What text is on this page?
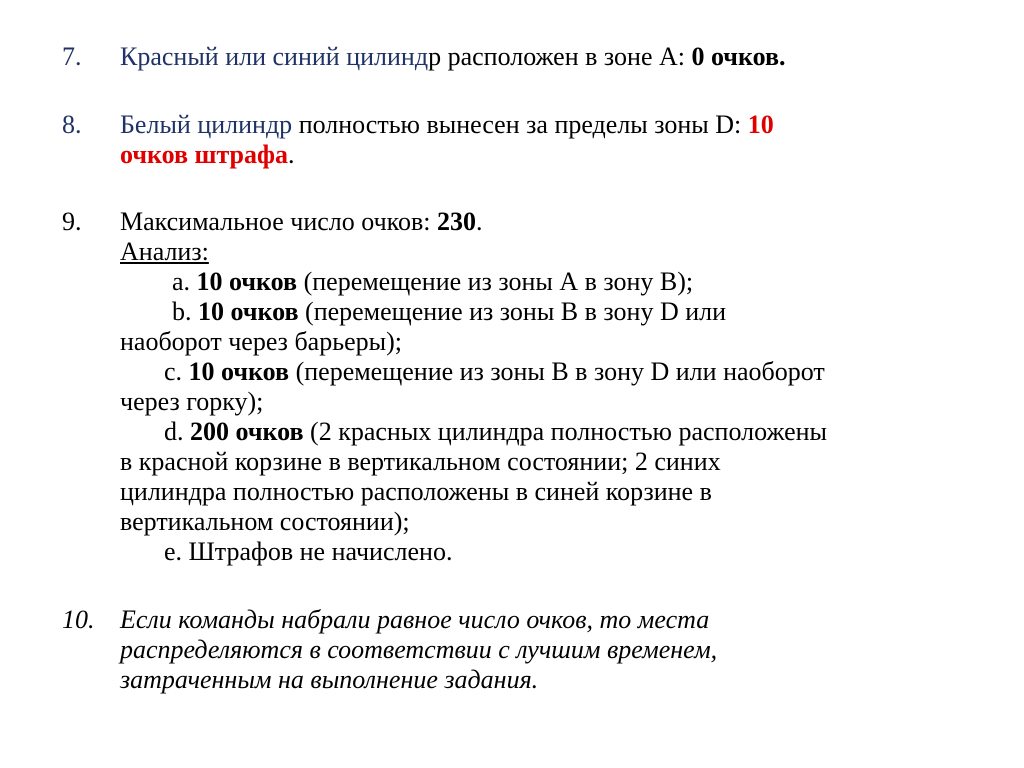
7. Красный или синий цилиндр расположен в зоне А: 0 очков.
8. Белый цилиндр полностью вынесен за пределы зоны D: 10
очков штрафа.
9. Максимальное число очков: 230.
Анализ:
a. 10 очков (перемещение из зоны А в зону В);
b. 10 очков (перемещение из зоны В в зону D или
наоборот через барьеры);
c. 10 очков (перемещение из зоны В в зону D или наоборот
через горку);
d. 200 очков (2 красных цилиндра полностью расположены
в красной корзине в вертикальном состоянии; 2 синих
цилиндра полностью расположены в синей корзине в
вертикальном состоянии);
e. Штрафов не начислено.
10. Если команды набрали равное число очков, то места
распределяются в соответствии с лучшим временем,
затраченным на выполнение задания.
